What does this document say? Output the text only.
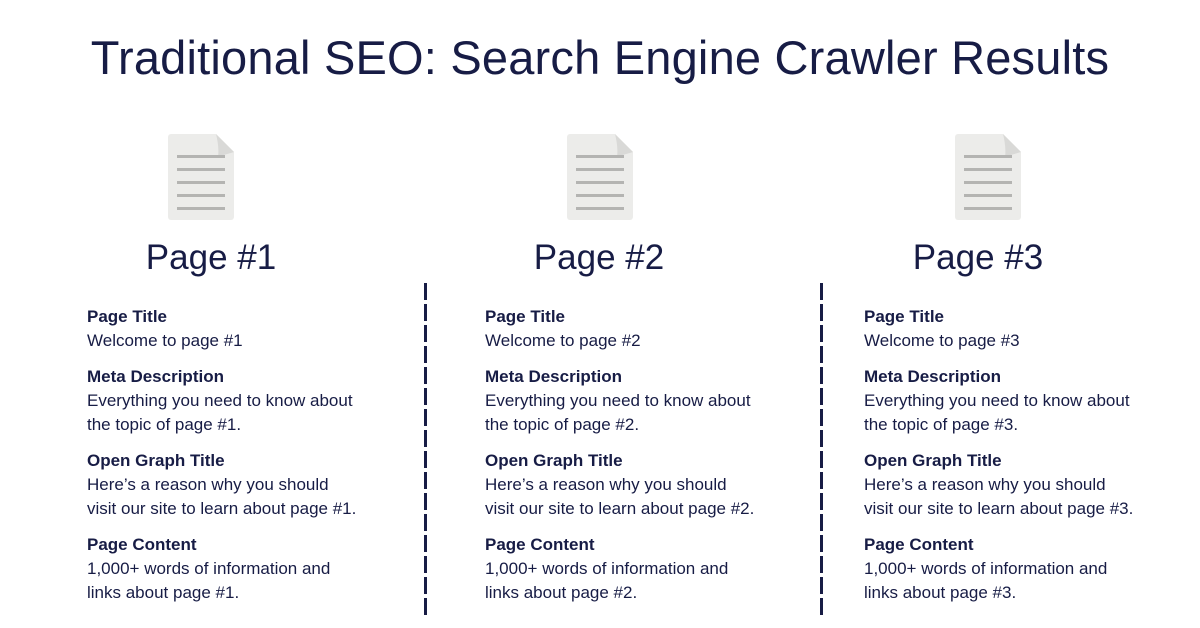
Traditional SEO: Search Engine Crawler Results
Page #1
Page Title
Welcome to page #1
Meta Description
Everything you need to know about
the topic of page #1.
Open Graph Title
Here’s a reason why you should
visit our site to learn about page #1.
Page Content
1,000+ words of information and
links about page #1.
Page #2
Page Title
Welcome to page #2
Meta Description
Everything you need to know about
the topic of page #2.
Open Graph Title
Here’s a reason why you should
visit our site to learn about page #2.
Page Content
1,000+ words of information and
links about page #2.
Page #3
Page Title
Welcome to page #3
Meta Description
Everything you need to know about
the topic of page #3.
Open Graph Title
Here’s a reason why you should
visit our site to learn about page #3.
Page Content
1,000+ words of information and
links about page #3.
